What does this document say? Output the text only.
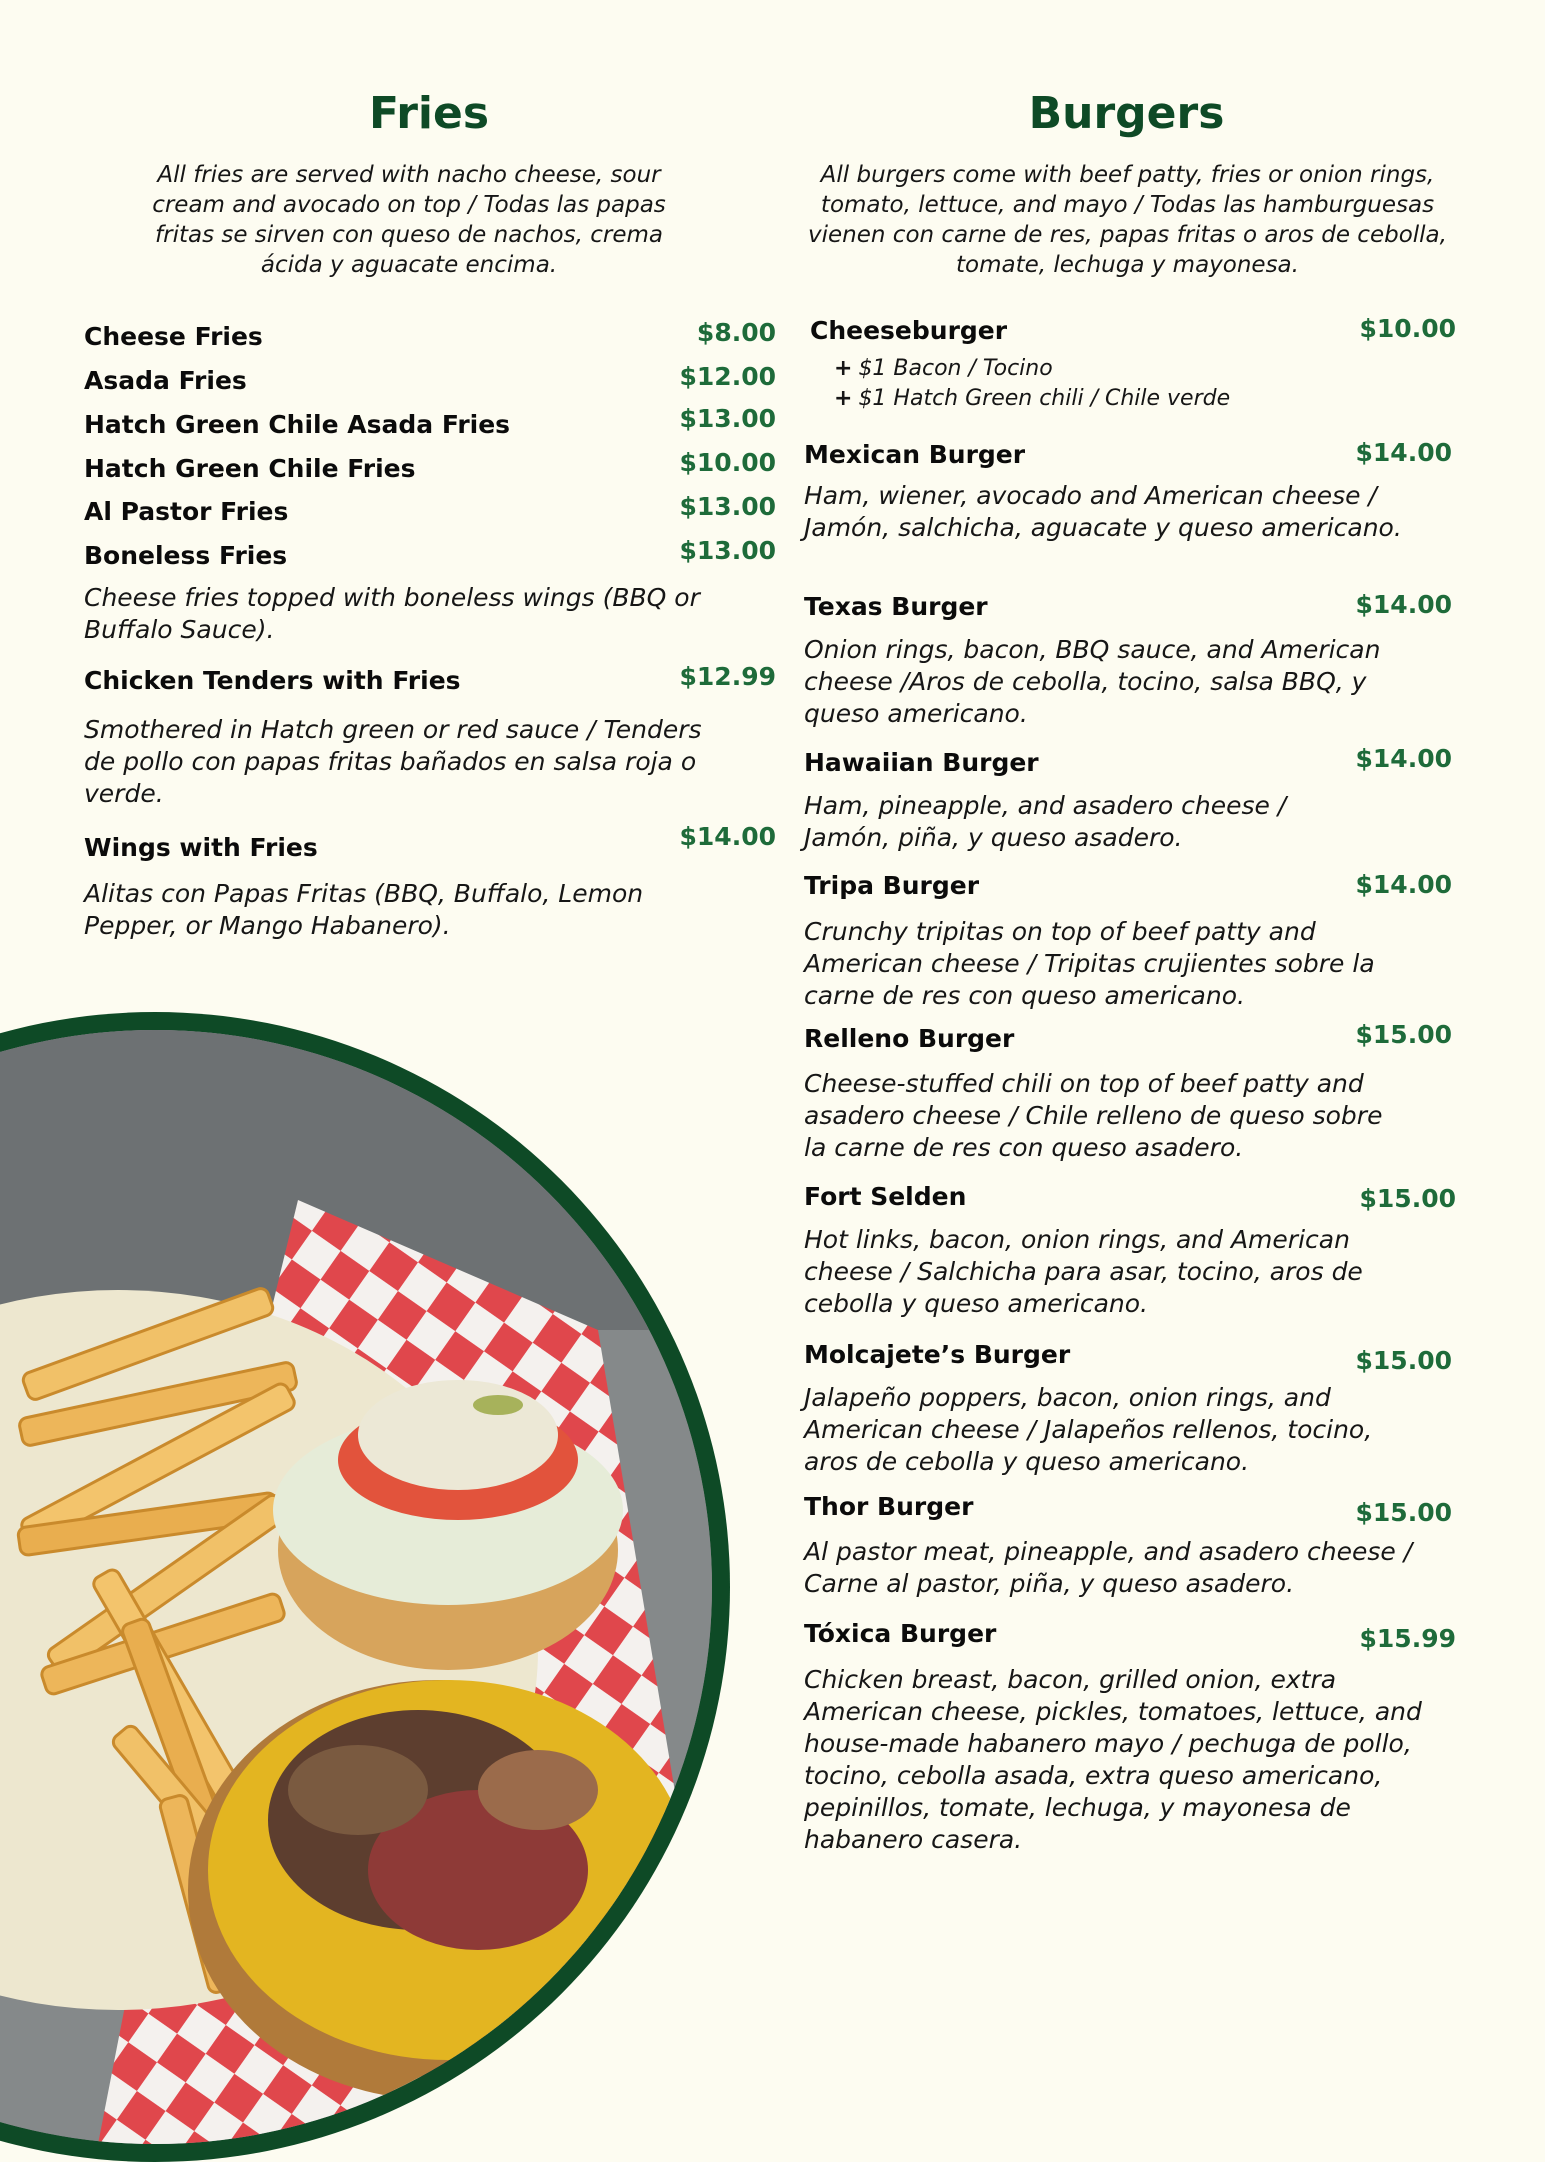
Fries

All fries are served with nacho cheese, sour cream and avocado on top / Todas las papas fritas se sirven con queso de nachos, crema ácida y aguacate encima.

Cheese Fries	$8.00
Asada Fries	$12.00
Hatch Green Chile Asada Fries	$13.00
Hatch Green Chile Fries	$10.00
Al Pastor Fries	$13.00
Boneless Fries	$13.00
Cheese fries topped with boneless wings (BBQ or Buffalo Sauce).
Chicken Tenders with Fries	$12.99
Smothered in Hatch green or red sauce / Tenders de pollo con papas fritas bañados en salsa roja o verde.
Wings with Fries	$14.00
Alitas con Papas Fritas (BBQ, Buffalo, Lemon Pepper, or Mango Habanero).
Burgers

All burgers come with beef patty, fries or onion rings, tomato, lettuce, and mayo / Todas las hamburguesas vienen con carne de res, papas fritas o aros de cebolla, tomate, lechuga y mayonesa.

Cheeseburger	$10.00
+ $1 Bacon / Tocino
+ $1 Hatch Green chili / Chile verde
Mexican Burger	$14.00
Ham, wiener, avocado and American cheese / Jamón, salchicha, aguacate y queso americano.
Texas Burger	$14.00
Onion rings, bacon, BBQ sauce, and American cheese /Aros de cebolla, tocino, salsa BBQ, y queso americano.
Hawaiian Burger	$14.00
Ham, pineapple, and asadero cheese / Jamón, piña, y queso asadero.
Tripa Burger	$14.00
Crunchy tripitas on top of beef patty and American cheese / Tripitas crujientes sobre la carne de res con queso americano.
Relleno Burger	$15.00
Cheese-stuffed chili on top of beef patty and asadero cheese / Chile relleno de queso sobre la carne de res con queso asadero.
Fort Selden	$15.00
Hot links, bacon, onion rings, and American cheese / Salchicha para asar, tocino, aros de cebolla y queso americano.
Molcajete’s Burger	$15.00
Jalapeño poppers, bacon, onion rings, and American cheese / Jalapeños rellenos, tocino, aros de cebolla y queso americano.
Thor Burger	$15.00
Al pastor meat, pineapple, and asadero cheese / Carne al pastor, piña, y queso asadero.
Tóxica Burger	$15.99
Chicken breast, bacon, grilled onion, extra American cheese, pickles, tomatoes, lettuce, and house-made habanero mayo / pechuga de pollo, tocino, cebolla asada, extra queso americano, pepinillos, tomate, lechuga, y mayonesa de habanero casera.
